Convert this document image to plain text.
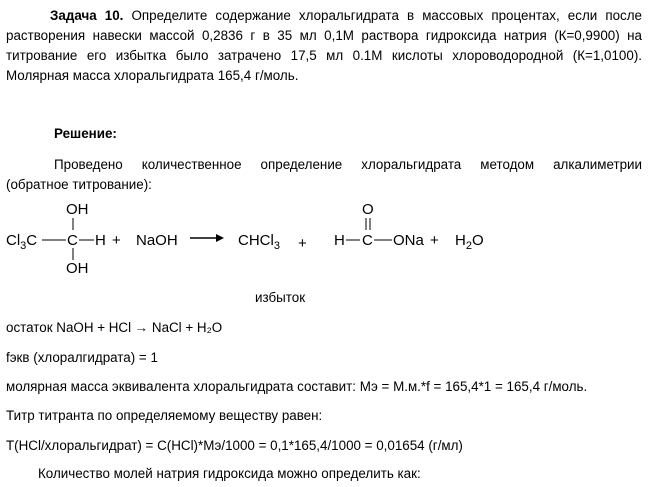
Задача 10. Определите содержание хлоральгидрата в массовых процентах, если после
растворения навески массой 0,2836 г в 35 мл 0,1М раствора гидроксида натрия (К=0,9900) на
титрование его избытка было затрачено 17,5 мл 0.1М кислоты хлороводородной (К=1,0100).
Молярная масса хлоральгидрата 165,4 г/моль.
Решение:
Проведено количественное определение хлоральгидрата методом алкалиметрии
(обратное титрование):
OH
$Cl_3C$ C H
OH
+ NaOH	CHCl$_3$ +
O
H C ONa + $H_2O$
избыток
остаток NaOH + HCl → NaCl + H₂O
fэкв (хлоралгидрата) = 1
молярная масса эквивалента хлоральгидрата составит: Мэ = М.м.*f = 165,4*1 = 165,4 г/моль.
Титр титранта по определяемому веществу равен:
Т(HCl/хлоральгидрат) = С(HCl)*Мэ/1000 = 0,1*165,4/1000 = 0,01654 (г/мл)
Количество молей натрия гидроксида можно определить как:
